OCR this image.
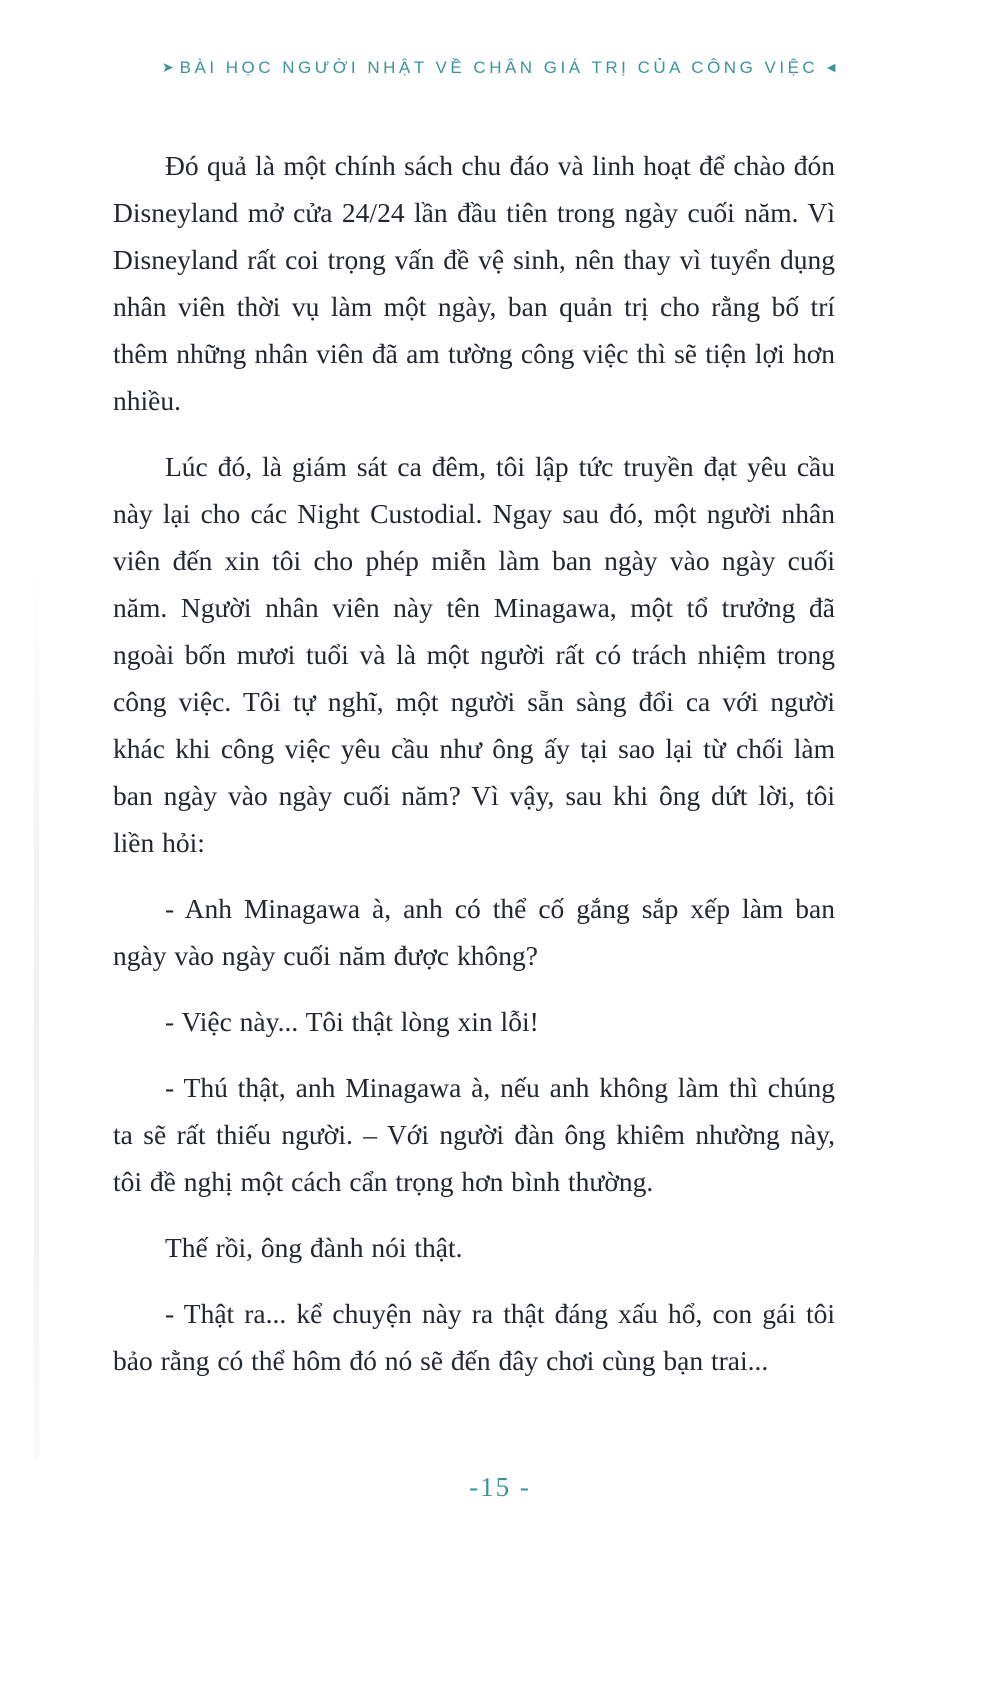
➤ BÀI HỌC NGƯỜI NHẬT VỀ CHÂN GIÁ TRỊ CỦA CÔNG VIỆC ◄

Đó quả là một chính sách chu đáo và linh hoạt để chào đón Disneyland mở cửa 24/24 lần đầu tiên trong ngày cuối năm. Vì Disneyland rất coi trọng vấn đề vệ sinh, nên thay vì tuyển dụng nhân viên thời vụ làm một ngày, ban quản trị cho rằng bố trí thêm những nhân viên đã am tường công việc thì sẽ tiện lợi hơn nhiều.

Lúc đó, là giám sát ca đêm, tôi lập tức truyền đạt yêu cầu này lại cho các Night Custodial. Ngay sau đó, một người nhân viên đến xin tôi cho phép miễn làm ban ngày vào ngày cuối năm. Người nhân viên này tên Minagawa, một tổ trưởng đã ngoài bốn mươi tuổi và là một người rất có trách nhiệm trong công việc. Tôi tự nghĩ, một người sẵn sàng đổi ca với người khác khi công việc yêu cầu như ông ấy tại sao lại từ chối làm ban ngày vào ngày cuối năm? Vì vậy, sau khi ông dứt lời, tôi liền hỏi:

- Anh Minagawa à, anh có thể cố gắng sắp xếp làm ban ngày vào ngày cuối năm được không?

- Việc này... Tôi thật lòng xin lỗi!

- Thú thật, anh Minagawa à, nếu anh không làm thì chúng ta sẽ rất thiếu người. – Với người đàn ông khiêm nhường này, tôi đề nghị một cách cẩn trọng hơn bình thường.

Thế rồi, ông đành nói thật.

- Thật ra... kể chuyện này ra thật đáng xấu hổ, con gái tôi bảo rằng có thể hôm đó nó sẽ đến đây chơi cùng bạn trai...

-15 -
